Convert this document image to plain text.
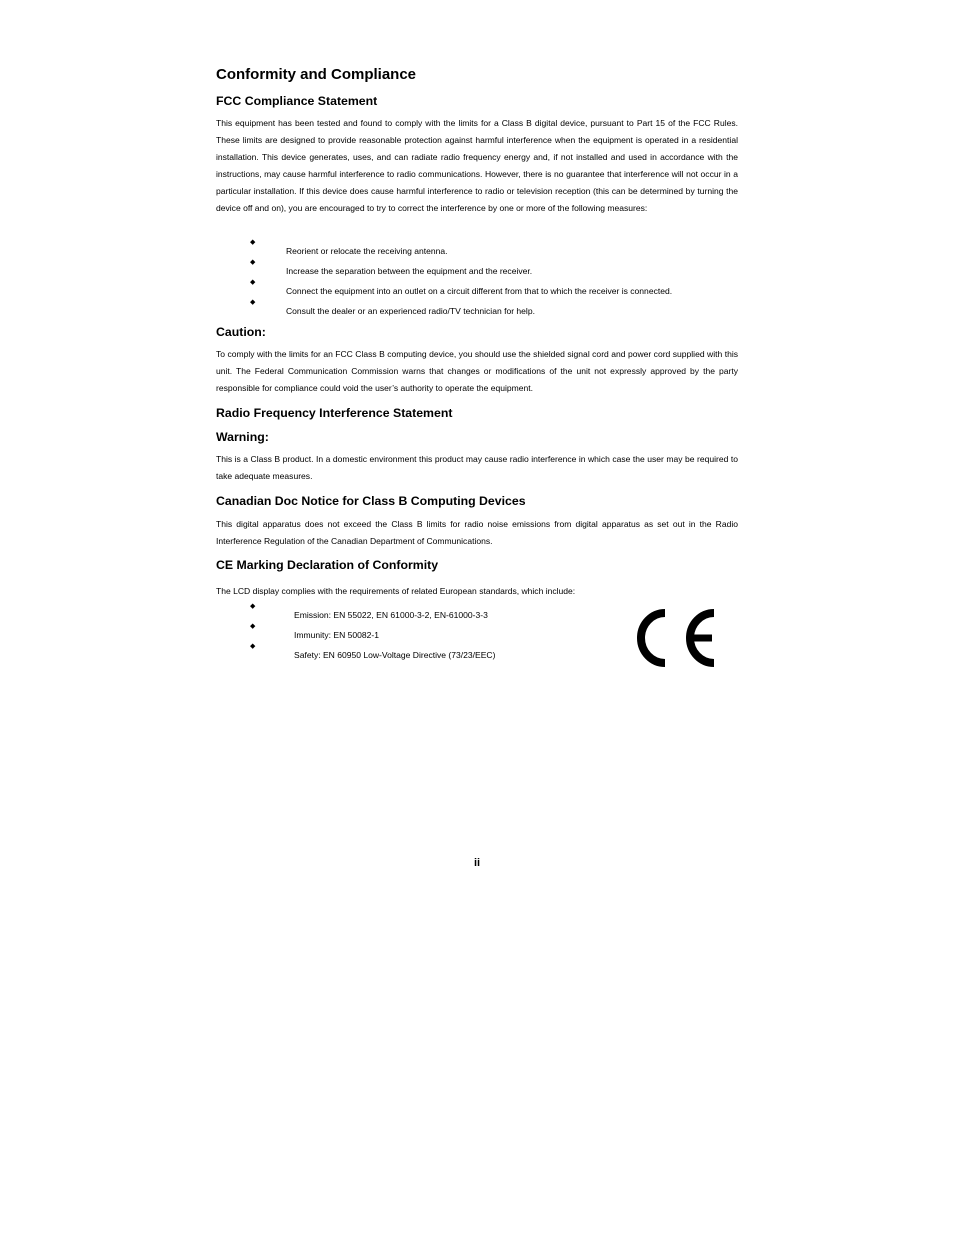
Conformity and Compliance
FCC Compliance Statement

This equipment has been tested and found to comply with the limits for a Class B digital device, pursuant to Part 15 of the FCC Rules. These limits are designed to provide reasonable protection against harmful interference when the equipment is operated in a residential installation. This device generates, uses, and can radiate radio frequency energy and, if not installed and used in accordance with the instructions, may cause harmful interference to radio communications. However, there is no guarantee that interference will not occur in a particular installation. If this device does cause harmful interference to radio or television reception (this can be determined by turning the device off and on), you are encouraged to try to correct the interference by one or more of the following measures:

◆
Reorient or relocate the receiving antenna.
◆
Increase the separation between the equipment and the receiver.
◆
Connect the equipment into an outlet on a circuit different from that to which the receiver is connected.
◆
Consult the dealer or an experienced radio/TV technician for help.
Caution:

To comply with the limits for an FCC Class B computing device, you should use the shielded signal cord and power cord supplied with this unit. The Federal Communication Commission warns that changes or modifications of the unit not expressly approved by the party responsible for compliance could void the user’s authority to operate the equipment.

Radio Frequency Interference Statement
Warning:

This is a Class B product. In a domestic environment this product may cause radio interference in which case the user may be required to take adequate measures.

Canadian Doc Notice for Class B Computing Devices

This digital apparatus does not exceed the Class B limits for radio noise emissions from digital apparatus as set out in the Radio Interference Regulation of the Canadian Department of Communications.

CE Marking Declaration of Conformity

The LCD display complies with the requirements of related European standards, which include:

◆
Emission: EN 55022, EN 61000-3-2, EN-61000-3-3
◆
Immunity: EN 50082-1
◆
Safety: EN 60950 Low-Voltage Directive (73/23/EEC)
ii
